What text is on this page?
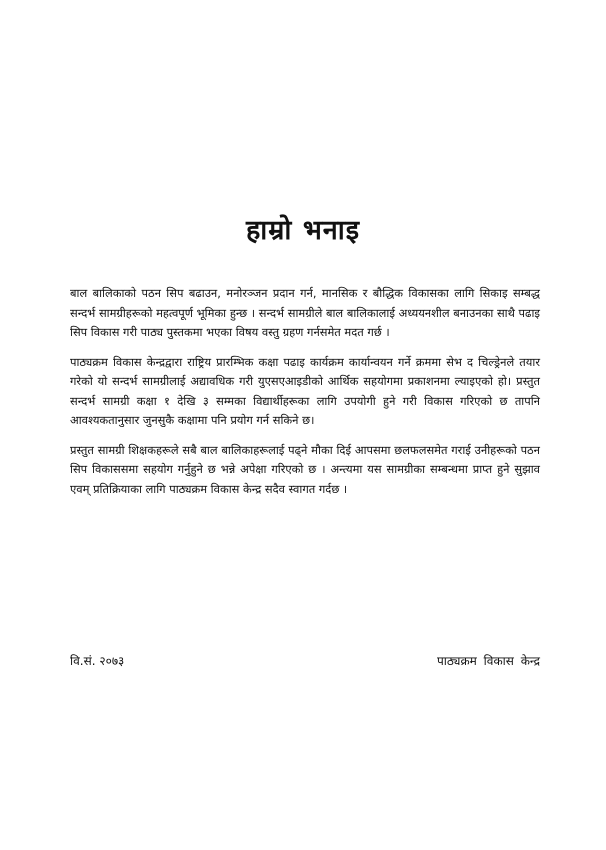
हाम्रो भनाइ

बाल बालिकाको पठन सिप बढाउन, मनोरञ्जन प्रदान गर्न, मानसिक र बौद्धिक विकासका लागि सिकाइ सम्बद्ध सन्दर्भ सामग्रीहरूको महत्वपूर्ण भूमिका हुन्छ । सन्दर्भ सामग्रीले बाल बालिकालाई अध्ययनशील बनाउनका साथै पढाइ सिप विकास गरी पाठ्य पुस्तकमा भएका विषय वस्तु ग्रहण गर्नसमेत मदत गर्छ ।

पाठ्यक्रम विकास केन्द्रद्वारा राष्ट्रिय प्रारम्भिक कक्षा पढाइ कार्यक्रम कार्यान्वयन गर्ने क्रममा सेभ द चिल्ड्रेनले तयार गरेको यो सन्दर्भ सामग्रीलाई अद्यावधिक गरी युएसएआइडीको आर्थिक सहयोगमा प्रकाशनमा ल्याइएको हो। प्रस्तुत सन्दर्भ सामग्री कक्षा १ देखि ३ सम्मका विद्यार्थीहरूका लागि उपयोगी हुने गरी विकास गरिएको छ तापनि आवश्यकतानुसार जुनसुकै कक्षामा पनि प्रयोग गर्न सकिने छ।

प्रस्तुत सामग्री शिक्षकहरूले सबै बाल बालिकाहरूलाई पढ्ने मौका दिई आपसमा छलफलसमेत गराई उनीहरूको पठन सिप विकाससमा सहयोग गर्नुहुने छ भन्ने अपेक्षा गरिएको छ । अन्त्यमा यस सामग्रीका सम्बन्धमा प्राप्त हुने सुझाव एवम् प्रतिक्रियाका लागि पाठ्यक्रम विकास केन्द्र सदैव स्वागत गर्दछ ।

वि.सं. २०७३	पाठ्यक्रम विकास केन्द्र
